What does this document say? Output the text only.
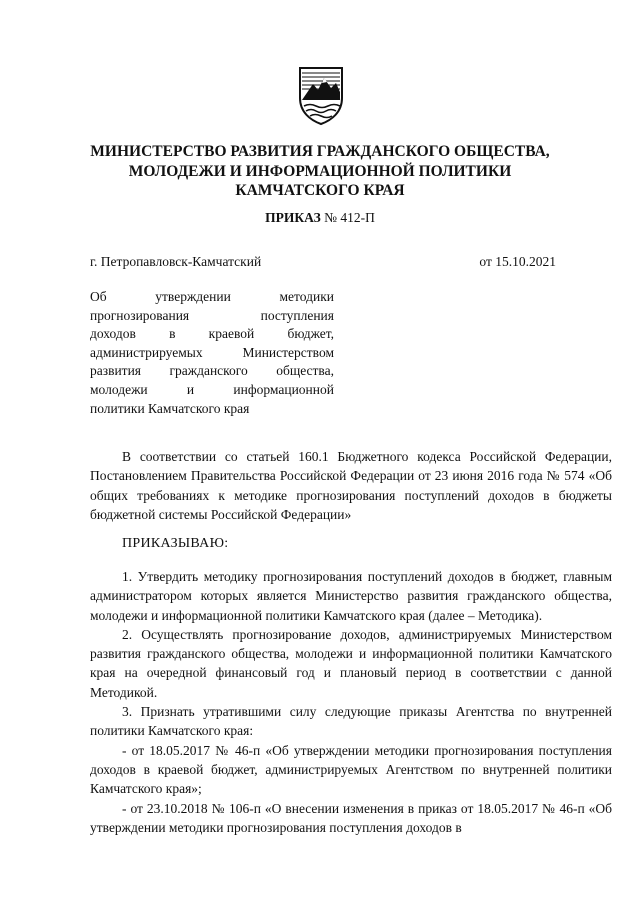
МИНИСТЕРСТВО РАЗВИТИЯ ГРАЖДАНСКОГО ОБЩЕСТВА,
МОЛОДЕЖИ И ИНФОРМАЦИОННОЙ ПОЛИТИКИ
КАМЧАТСКОГО КРАЯ
ПРИКАЗ № 412-П
г. Петропавловск-Камчатский	от 15.10.2021
Об утверждении методики
прогнозирования поступления
доходов в краевой бюджет,
администрируемых Министерством
развития гражданского общества,
молодежи и информационной
политики Камчатского края
В соответствии со статьей 160.1 Бюджетного кодекса Российской Федерации, Постановлением Правительства Российской Федерации от 23 июня 2016 года № 574 «Об общих требованиях к методике прогнозирования поступлений доходов в бюджеты бюджетной системы Российской Федерации»
ПРИКАЗЫВАЮ:

1. Утвердить методику прогнозирования поступлений доходов в бюджет, главным администратором которых является Министерство развития гражданского общества, молодежи и информационной политики Камчатского края (далее – Методика).

2. Осуществлять прогнозирование доходов, администрируемых Министерством развития гражданского общества, молодежи и информационной политики Камчатского края на очередной финансовый год и плановый период в соответствии с данной Методикой.

3. Признать утратившими силу следующие приказы Агентства по внутренней политики Камчатского края:

- от 18.05.2017 № 46-п «Об утверждении методики прогнозирования поступления доходов в краевой бюджет, администрируемых Агентством по внутренней политики Камчатского края»;

- от 23.10.2018 № 106-п «О внесении изменения в приказ от 18.05.2017 № 46-п «Об утверждении методики прогнозирования поступления доходов в
